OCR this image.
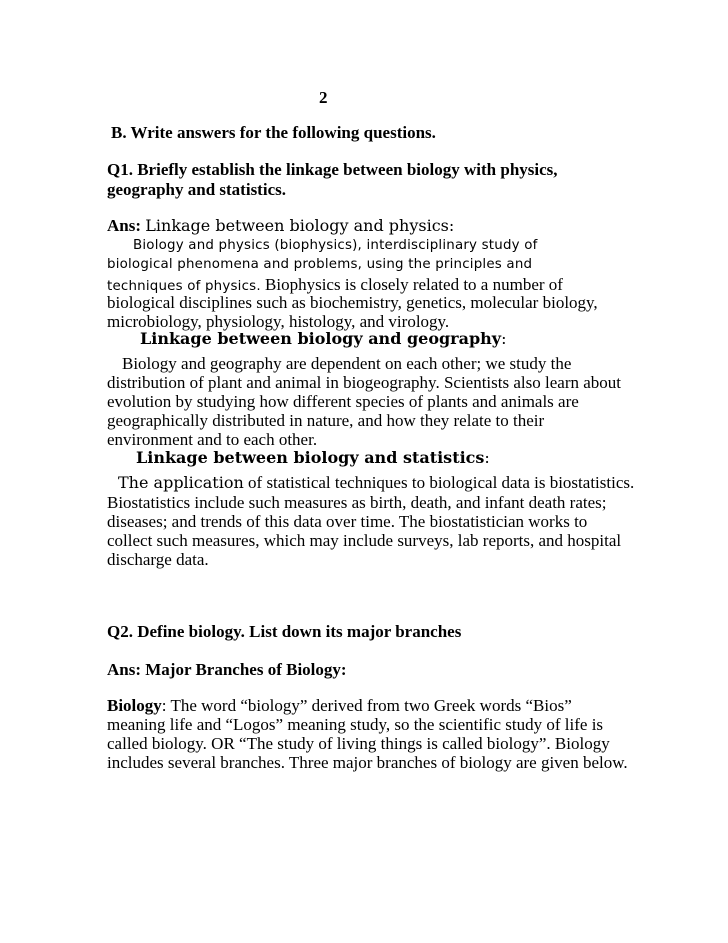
2
B. Write answers for the following questions.
Q1. Briefly establish the linkage between biology with physics,
geography and statistics.
Ans: Linkage between biology and physics:
Biology and physics (biophysics), interdisciplinary study of
biological phenomena and problems, using the principles and
techniques of physics. Biophysics is closely related to a number of
biological disciplines such as biochemistry, genetics, molecular biology,
microbiology, physiology, histology, and virology.
Linkage between biology and geography:
Biology and geography are dependent on each other; we study the
distribution of plant and animal in biogeography. Scientists also learn about
evolution by studying how different species of plants and animals are
geographically distributed in nature, and how they relate to their
environment and to each other.
Linkage between biology and statistics:
The application of statistical techniques to biological data is biostatistics.
Biostatistics include such measures as birth, death, and infant death rates;
diseases; and trends of this data over time. The biostatistician works to
collect such measures, which may include surveys, lab reports, and hospital
discharge data.
Q2. Define biology. List down its major branches
Ans: Major Branches of Biology:
Biology: The word “biology” derived from two Greek words “Bios”
meaning life and “Logos” meaning study, so the scientific study of life is
called biology. OR “The study of living things is called biology”. Biology
includes several branches. Three major branches of biology are given below.
